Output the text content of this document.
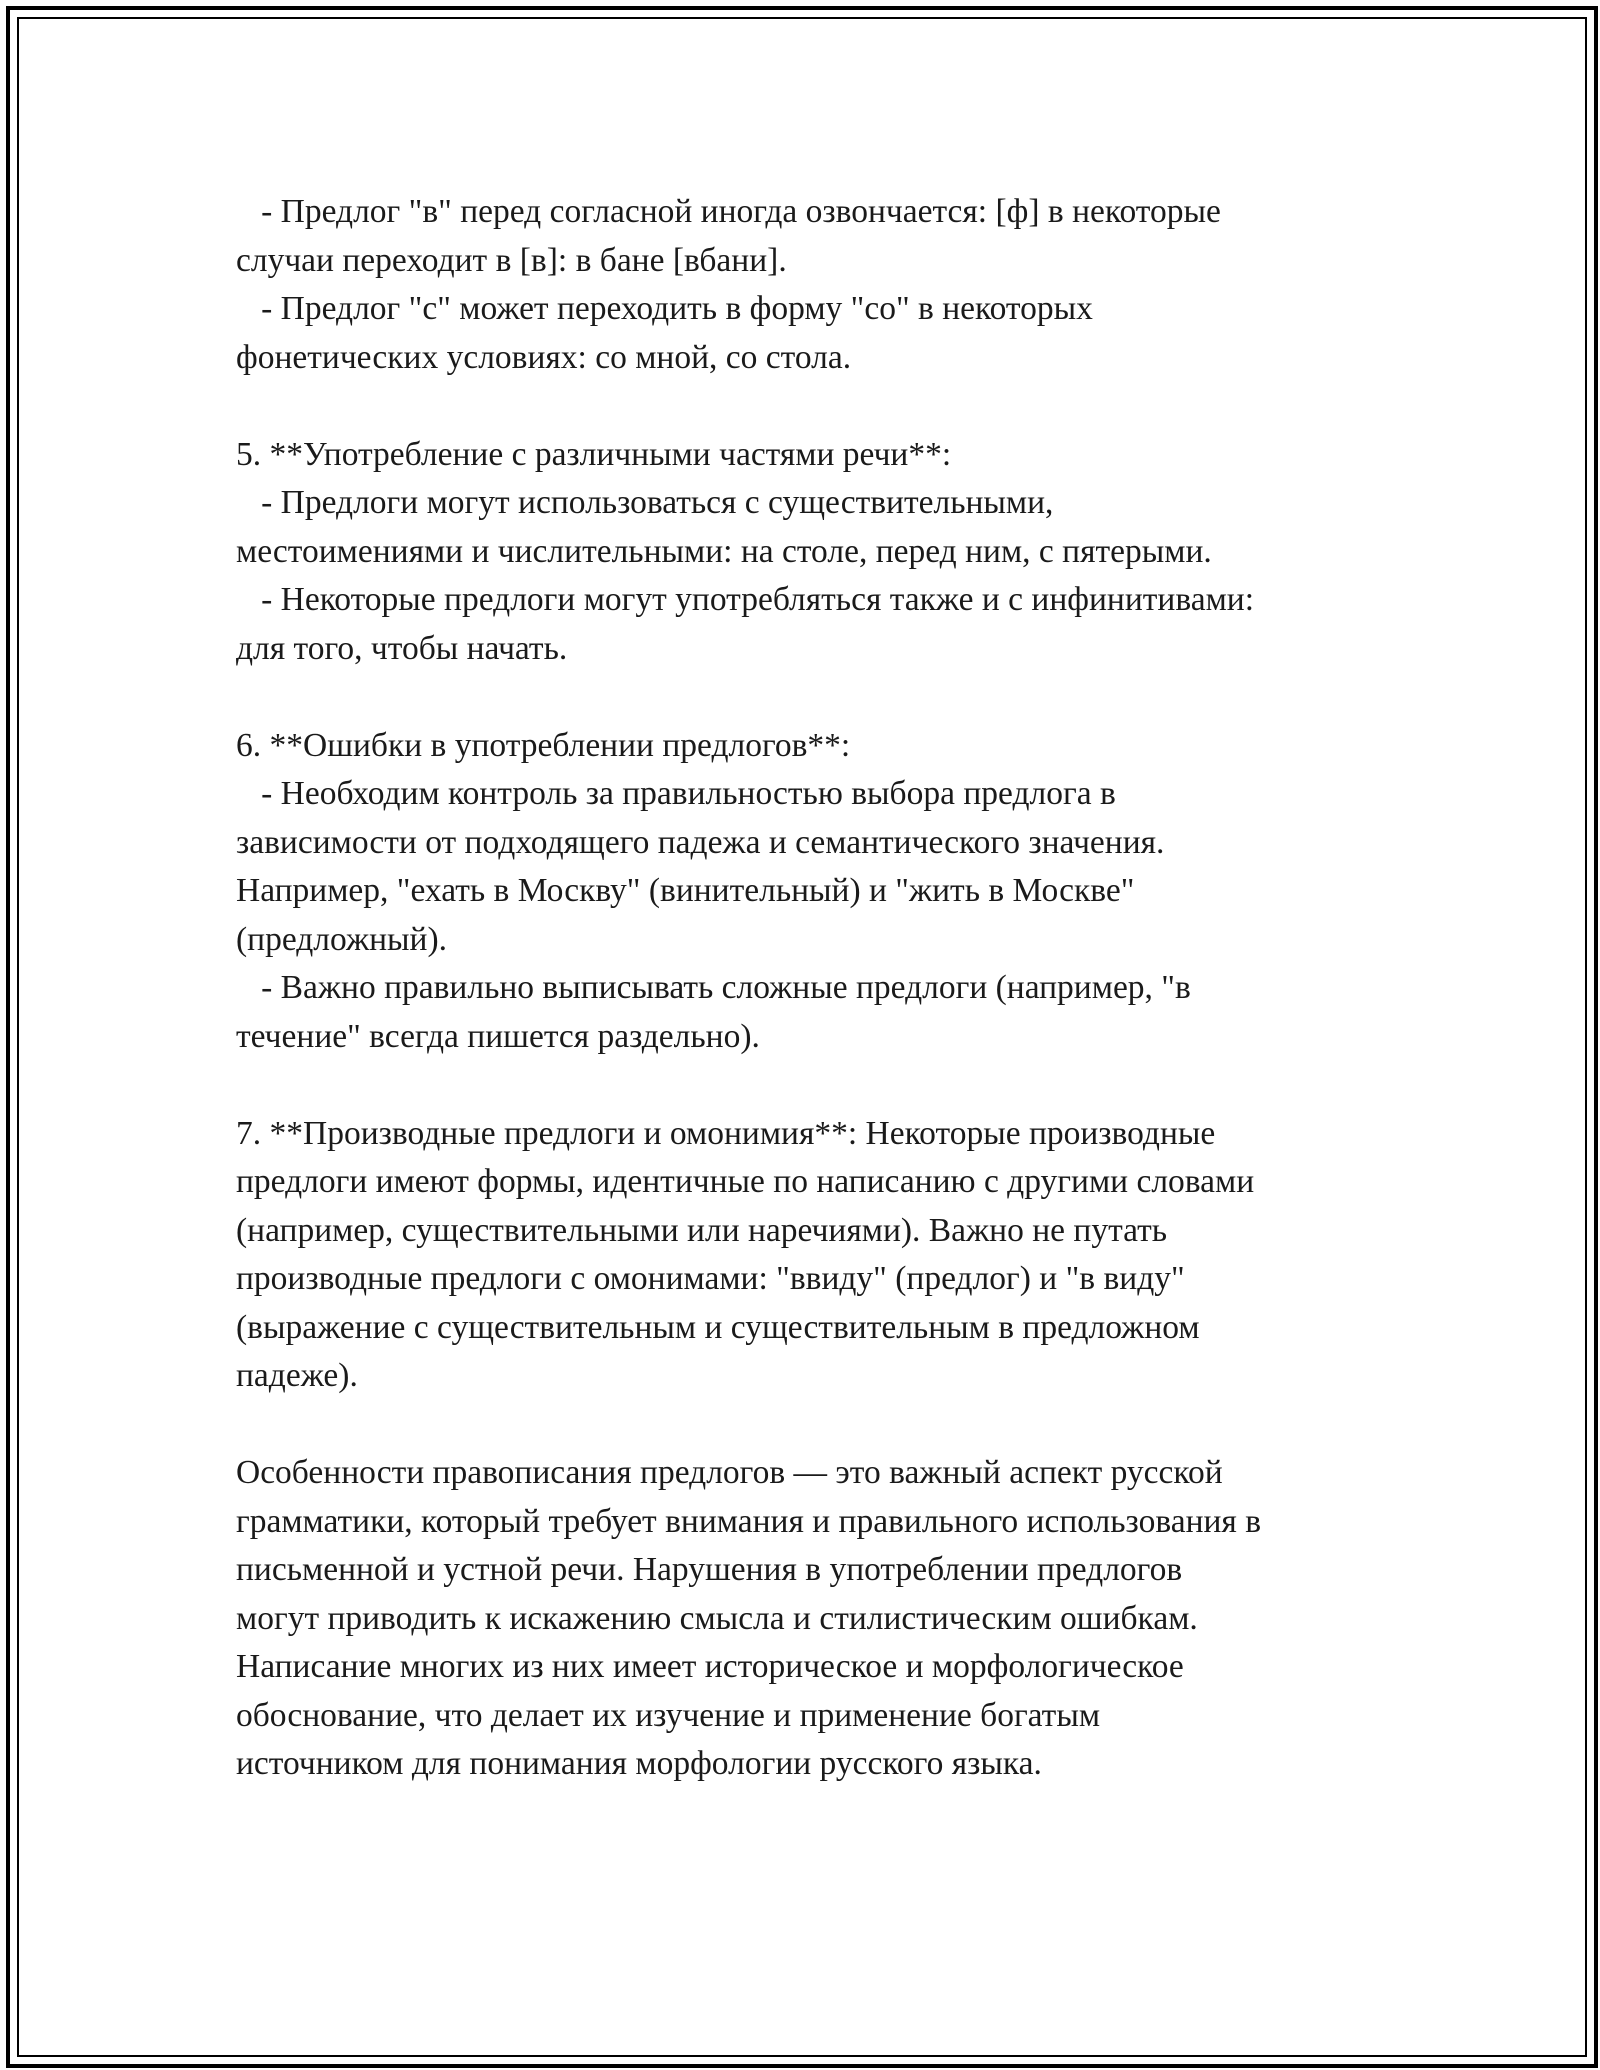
- Предлог "в" перед согласной иногда озвончается: [ф] в некоторые
случаи переходит в [в]: в бане [вбани].
- Предлог "с" может переходить в форму "со" в некоторых
фонетических условиях: со мной, со стола.
5. **Употребление с различными частями речи**:
- Предлоги могут использоваться с существительными,
местоимениями и числительными: на столе, перед ним, с пятерыми.
- Некоторые предлоги могут употребляться также и с инфинитивами:
для того, чтобы начать.
6. **Ошибки в употреблении предлогов**:
- Необходим контроль за правильностью выбора предлога в
зависимости от подходящего падежа и семантического значения.
Например, "ехать в Москву" (винительный) и "жить в Москве"
(предложный).
- Важно правильно выписывать сложные предлоги (например, "в
течение" всегда пишется раздельно).
7. **Производные предлоги и омонимия**: Некоторые производные
предлоги имеют формы, идентичные по написанию с другими словами
(например, существительными или наречиями). Важно не путать
производные предлоги с омонимами: "ввиду" (предлог) и "в виду"
(выражение с существительным и существительным в предложном
падеже).
Особенности правописания предлогов — это важный аспект русской
грамматики, который требует внимания и правильного использования в
письменной и устной речи. Нарушения в употреблении предлогов
могут приводить к искажению смысла и стилистическим ошибкам.
Написание многих из них имеет историческое и морфологическое
обоснование, что делает их изучение и применение богатым
источником для понимания морфологии русского языка.
